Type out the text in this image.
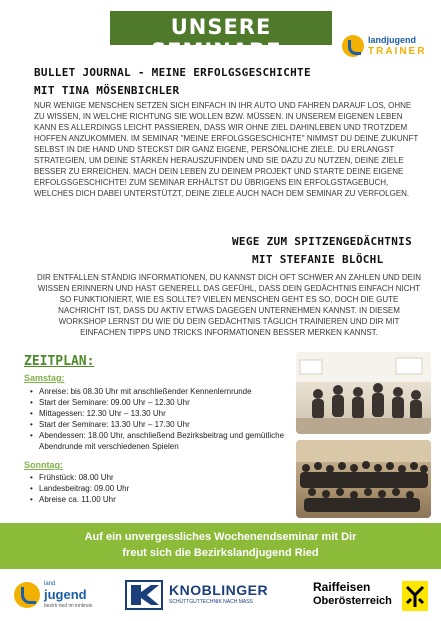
UNSERE SEMINARE:	landjugend
TRAINER
BULLET JOURNAL - MEINE ERFOLGSGESCHICHTE
MIT TINA MÖSENBICHLER
NUR WENIGE MENSCHEN SETZEN SICH EINFACH IN IHR AUTO UND FAHREN DARAUF LOS, OHNE ZU WISSEN, IN WELCHE RICHTUNG SIE WOLLEN BZW. MÜSSEN. IN UNSEREM EIGENEN LEBEN KANN ES ALLERDINGS LEICHT PASSIEREN, DASS WIR OHNE ZIEL DAHINLEBEN UND TROTZDEM HOFFEN ANZUKOMMEN. IM SEMINAR "MEINE ERFOLGSGESCHICHTE" NIMMST DU DEINE ZUKUNFT SELBST IN DIE HAND UND STECKST DIR GANZ EIGENE, PERSÖNLICHE ZIELE. DU ERLANGST STRATEGIEN, UM DEINE STÄRKEN HERAUSZUFINDEN UND SIE DAZU ZU NUTZEN, DEINE ZIELE BESSER ZU ERREICHEN. MACH DEIN LEBEN ZU DEINEM PROJEKT UND STARTE DEINE EIGENE ERFOLGSGESCHICHTE! ZUM SEMINAR ERHÄLTST DU ÜBRIGENS EIN ERFOLGSTAGEBUCH, WELCHES DICH DABEI UNTERSTÜTZT, DEINE ZIELE AUCH NACH DEM SEMINAR ZU VERFOLGEN.
WEGE ZUM SPITZENGEDÄCHTNIS
MIT STEFANIE BLÖCHL
DIR ENTFALLEN STÄNDIG INFORMATIONEN, DU KANNST DICH OFT SCHWER AN ZAHLEN UND DEIN WISSEN ERINNERN UND HAST GENERELL DAS GEFÜHL, DASS DEIN GEDÄCHTNIS EINFACH NICHT SO FUNKTIONIERT, WIE ES SOLLTE? VIELEN MENSCHEN GEHT ES SO, DOCH DIE GUTE NACHRICHT IST, DASS DU AKTIV ETWAS DAGEGEN UNTERNEHMEN KANNST. IN DIESEM WORKSHOP LERNST DU WIE DU DEIN GEDÄCHTNIS TÄGLICH TRAINIEREN UND DIR MIT EINFACHEN TIPPS UND TRICKS INFORMATIONEN BESSER MERKEN KANNST.
ZEITPLAN:
Samstag:
• Anreise: bis 08.30 Uhr mit anschließender Kennenlernrunde
• Start der Seminare: 09.00 Uhr – 12.30 Uhr
• Mittagessen: 12.30 Uhr – 13.30 Uhr
• Start der Seminare: 13.30 Uhr – 17.30 Uhr
• Abendessen: 18.00 Uhr, anschließend Bezirksbeitrag und gemütliche Abendrunde mit verschiedenen Spielen
Sonntag:
• Frühstück: 08.00 Uhr
• Landesbeitrag: 09.00 Uhr
• Abreise ca. 11.00 Uhr
Auf ein unvergessliches Wochenendseminar mit Dir
freut sich die Bezirkslandjugend Ried
land
jugend
bezirk ried im innkreis
KNOBLINGER
SCHÜTTGUTTECHNIK NACH MASS
Raiffeisen
Oberösterreich
